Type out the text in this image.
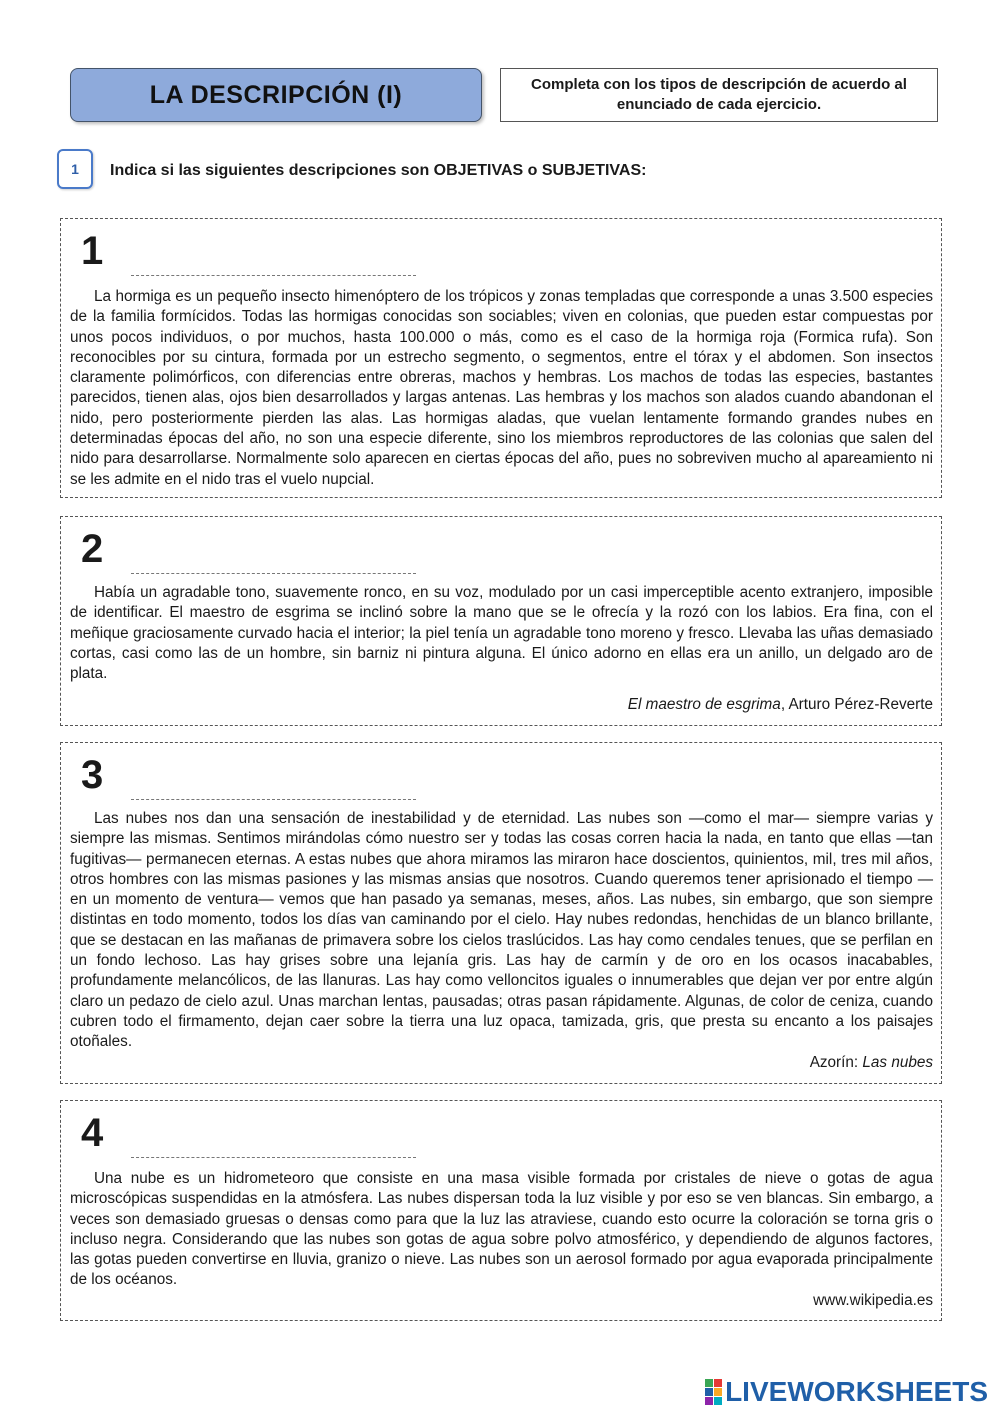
LA DESCRIPCIÓN (I)	Completa con los tipos de descripción de acuerdo al enunciado de cada ejercicio.
1 Indica si las siguientes descripciones son OBJETIVAS o SUBJETIVAS:
1
La hormiga es un pequeño insecto himenóptero de los trópicos y zonas templadas que corresponde a unas 3.500 especies de la familia formícidos. Todas las hormigas conocidas son sociables; viven en colonias, que pueden estar compuestas por unos pocos individuos, o por muchos, hasta 100.000 o más, como es el caso de la hormiga roja (Formica rufa). Son reconocibles por su cintura, formada por un estrecho segmento, o segmentos, entre el tórax y el abdomen. Son insectos claramente polimórficos, con diferencias entre obreras, machos y hembras. Los machos de todas las especies, bastantes parecidos, tienen alas, ojos bien desarrollados y largas antenas. Las hembras y los machos son alados cuando abandonan el nido, pero posteriormente pierden las alas. Las hormigas aladas, que vuelan lentamente formando grandes nubes en determinadas épocas del año, no son una especie diferente, sino los miembros reproductores de las colonias que salen del nido para desarrollarse. Normalmente solo aparecen en ciertas épocas del año, pues no sobreviven mucho al apareamiento ni se les admite en el nido tras el vuelo nupcial.
2
Había un agradable tono, suavemente ronco, en su voz, modulado por un casi imperceptible acento extranjero, imposible de identificar. El maestro de esgrima se inclinó sobre la mano que se le ofrecía y la rozó con los labios. Era fina, con el meñique graciosamente curvado hacia el interior; la piel tenía un agradable tono moreno y fresco. Llevaba las uñas demasiado cortas, casi como las de un hombre, sin barniz ni pintura alguna. El único adorno en ellas era un anillo, un delgado aro de plata.
El maestro de esgrima, Arturo Pérez-Reverte
3
Las nubes nos dan una sensación de inestabilidad y de eternidad. Las nubes son —como el mar— siempre varias y siempre las mismas. Sentimos mirándolas cómo nuestro ser y todas las cosas corren hacia la nada, en tanto que ellas —tan fugitivas— permanecen eternas. A estas nubes que ahora miramos las miraron hace doscientos, quinientos, mil, tres mil años, otros hombres con las mismas pasiones y las mismas ansias que nosotros. Cuando queremos tener aprisionado el tiempo —en un momento de ventura— vemos que han pasado ya semanas, meses, años. Las nubes, sin embargo, que son siempre distintas en todo momento, todos los días van caminando por el cielo. Hay nubes redondas, henchidas de un blanco brillante, que se destacan en las mañanas de primavera sobre los cielos traslúcidos. Las hay como cendales tenues, que se perfilan en un fondo lechoso. Las hay grises sobre una lejanía gris. Las hay de carmín y de oro en los ocasos inacabables, profundamente melancólicos, de las llanuras. Las hay como velloncitos iguales o innumerables que dejan ver por entre algún claro un pedazo de cielo azul. Unas marchan lentas, pausadas; otras pasan rápidamente. Algunas, de color de ceniza, cuando cubren todo el firmamento, dejan caer sobre la tierra una luz opaca, tamizada, gris, que presta su encanto a los paisajes otoñales.
Azorín: Las nubes
4
Una nube es un hidrometeoro que consiste en una masa visible formada por cristales de nieve o gotas de agua microscópicas suspendidas en la atmósfera. Las nubes dispersan toda la luz visible y por eso se ven blancas. Sin embargo, a veces son demasiado gruesas o densas como para que la luz las atraviese, cuando esto ocurre la coloración se torna gris o incluso negra. Considerando que las nubes son gotas de agua sobre polvo atmosférico, y dependiendo de algunos factores, las gotas pueden convertirse en lluvia, granizo o nieve. Las nubes son un aerosol formado por agua evaporada principalmente de los océanos.
www.wikipedia.es
LIVEWORKSHEETS
